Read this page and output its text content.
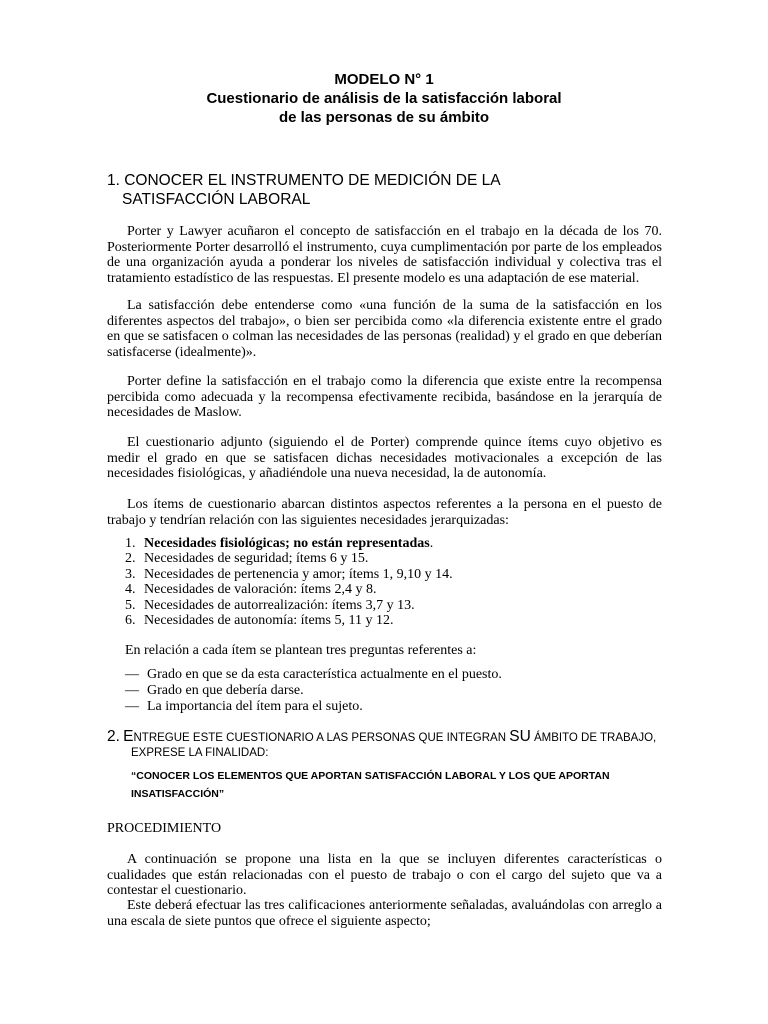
MODELO N° 1
Cuestionario de análisis de la satisfacción laboral
de las personas de su ámbito
1. CONOCER EL INSTRUMENTO DE MEDICIÓN DE LA
SATISFACCIÓN LABORAL

Porter y Lawyer acuñaron el concepto de satisfacción en el trabajo en la década de los 70. Posteriormente Porter desarrolló el instrumento, cuya cumplimentación por parte de los empleados de una organización ayuda a ponderar los niveles de satisfacción individual y colectiva tras el tratamiento estadístico de las respuestas. El presente modelo es una adaptación de ese material.

La satisfacción debe entenderse como «una función de la suma de la satisfacción en los diferentes aspectos del trabajo», o bien ser percibida como «la diferencia existente entre el grado en que se satisfacen o colman las necesidades de las personas (realidad) y el grado en que deberían satisfacerse (idealmente)».

Porter define la satisfacción en el trabajo como la diferencia que existe entre la recompensa percibida como adecuada y la recompensa efectivamente recibida, basándose en la jerarquía de necesidades de Maslow.

El cuestionario adjunto (siguiendo el de Porter) comprende quince ítems cuyo objetivo es medir el grado en que se satisfacen dichas necesidades motivacionales a excepción de las necesidades fisiológicas, y añadiéndole una nueva necesidad, la de autonomía.

Los ítems de cuestionario abarcan distintos aspectos referentes a la persona en el puesto de trabajo y tendrían relación con las siguientes necesidades jerarquizadas:

1. Necesidades fisiológicas; no están representadas.
2. Necesidades de seguridad; ítems 6 y 15.
3. Necesidades de pertenencia y amor; ítems 1, 9,10 y 14.
4. Necesidades de valoración: ítems 2,4 y 8.
5. Necesidades de autorrealización: ítems 3,7 y 13.
6. Necesidades de autonomía: ítems 5, 11 y 12.

En relación a cada ítem se plantean tres preguntas referentes a:

— Grado en que se da esta característica actualmente en el puesto.
— Grado en que debería darse.
— La importancia del ítem para el sujeto.
2. ENTREGUE ESTE CUESTIONARIO A LAS PERSONAS QUE INTEGRAN SU ÁMBITO DE TRABAJO,
EXPRESE LA FINALIDAD:
“CONOCER LOS ELEMENTOS QUE APORTAN SATISFACCIÓN LABORAL Y LOS QUE APORTAN
INSATISFACCIÓN”
PROCEDIMIENTO

A continuación se propone una lista en la que se incluyen diferentes características o cualidades que están relacionadas con el puesto de trabajo o con el cargo del sujeto que va a contestar el cuestionario.

Este deberá efectuar las tres calificaciones anteriormente señaladas, avaluándolas con arreglo a una escala de siete puntos que ofrece el siguiente aspecto;
